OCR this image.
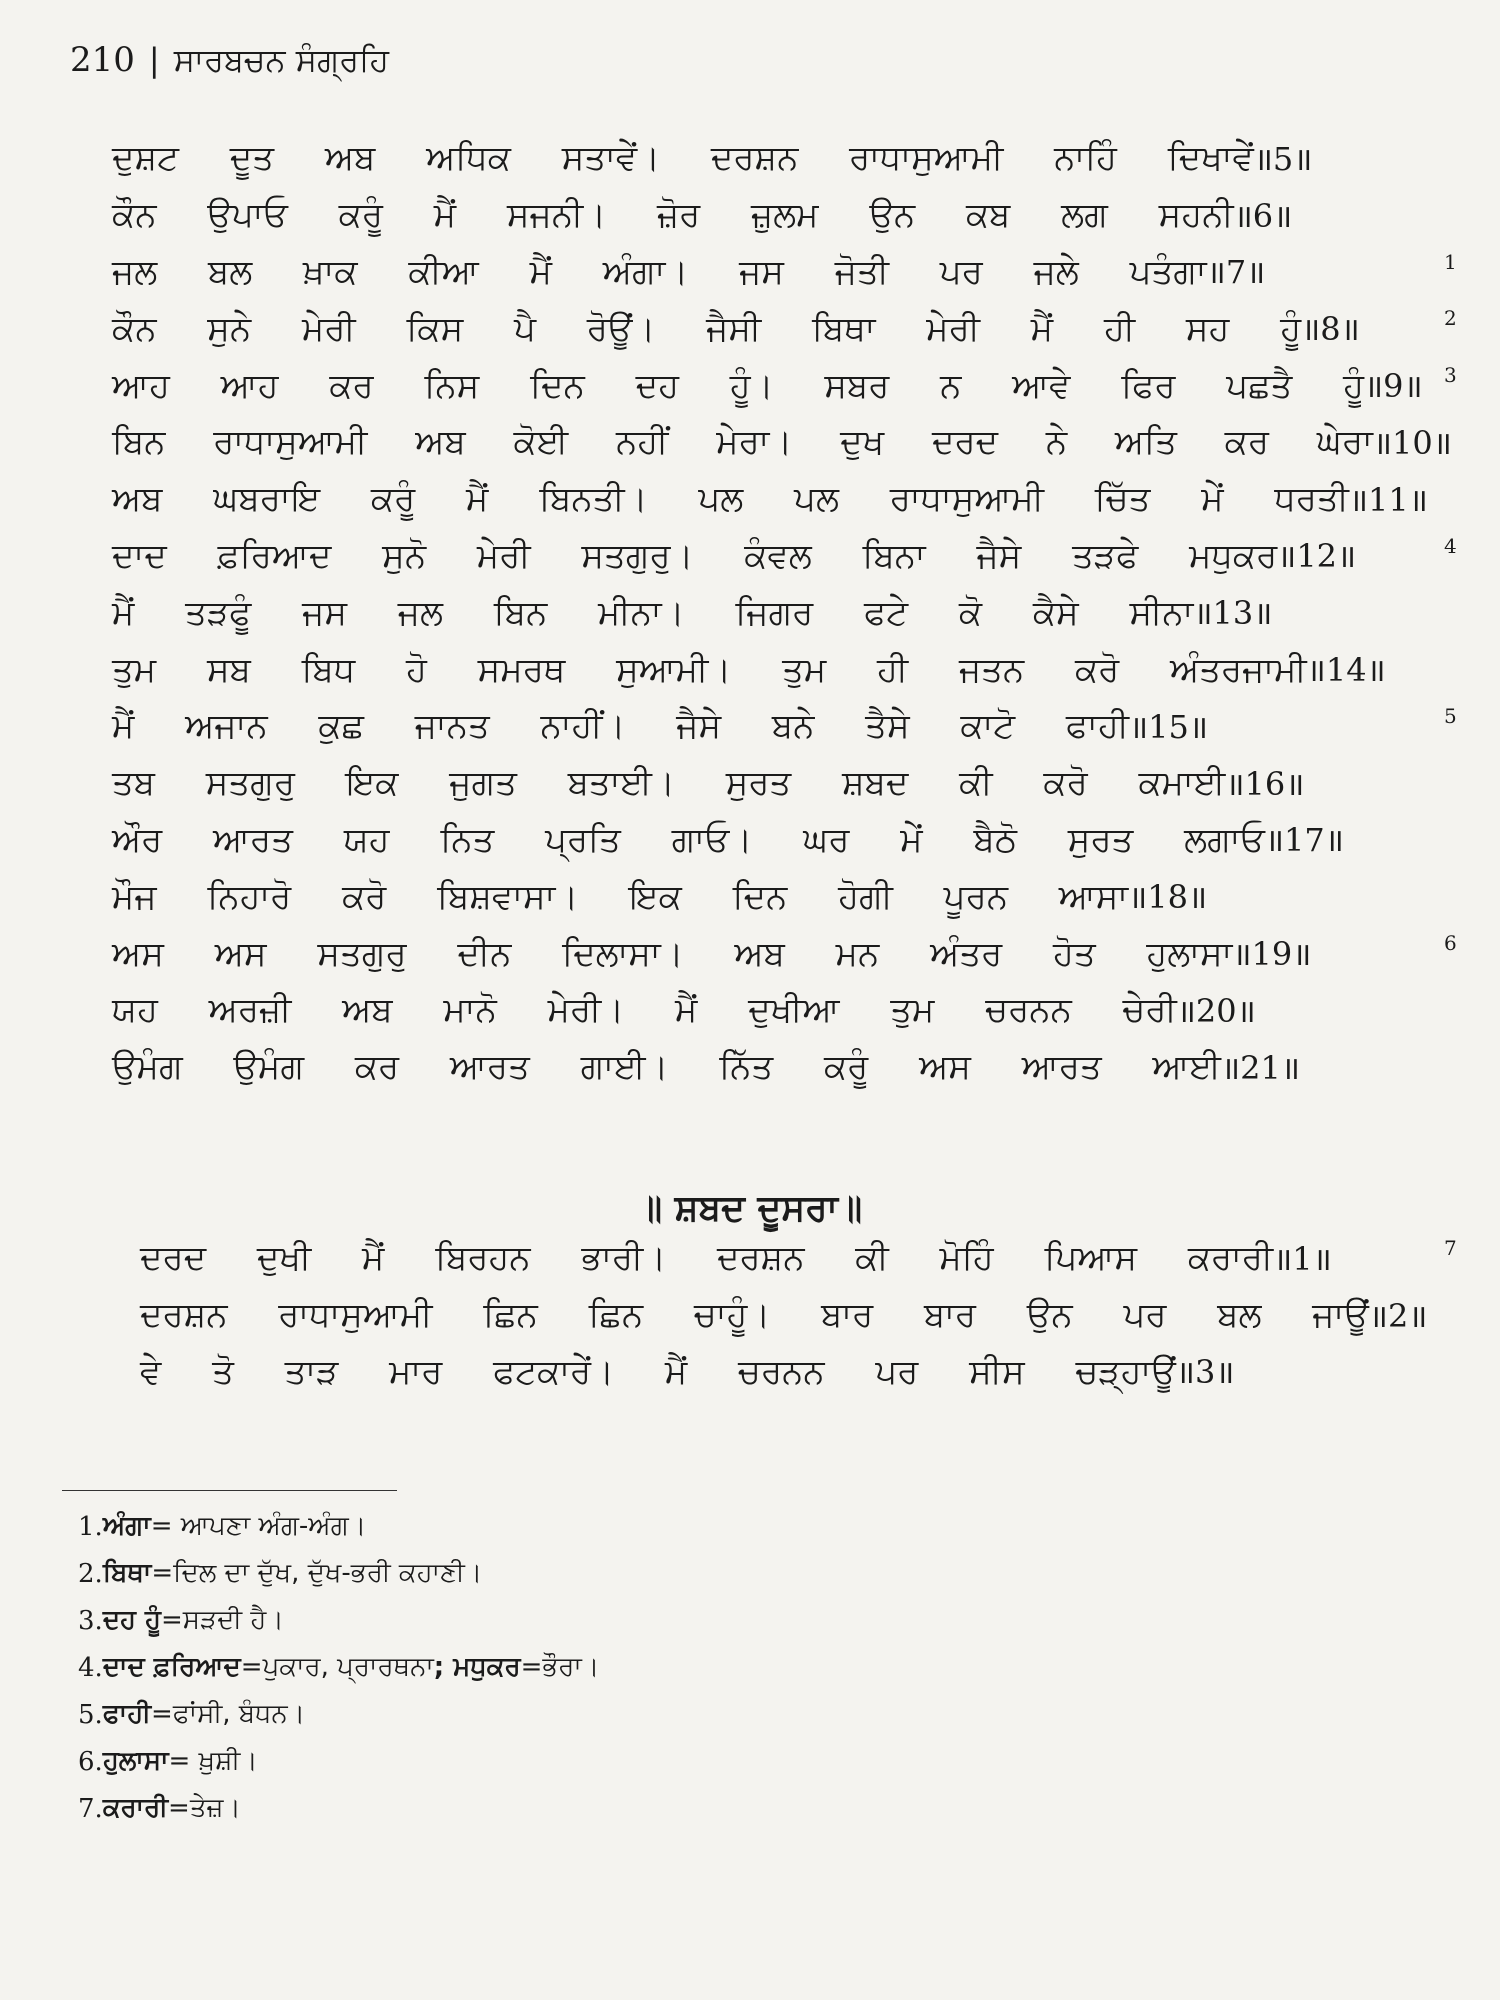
210 | ਸਾਰਬਚਨ ਸੰਗ੍ਰਹਿ
ਦੁਸ਼ਟ ਦੂਤ ਅਬ ਅਧਿਕ ਸਤਾਵੇਂ। ਦਰਸ਼ਨ ਰਾਧਾਸੁਆਮੀ ਨਾਹਿੰ ਦਿਖਾਵੇਂ ॥5॥
ਕੌਨ ਉਪਾਓ ਕਰੂੰ ਮੈਂ ਸਜਨੀ। ਜ਼ੋਰ ਜ਼ੁਲਮ ਉਨ ਕਬ ਲਗ ਸਹਨੀ ॥6॥
ਜਲ ਬਲ ਖ਼ਾਕ ਕੀਆ ਮੈਂ ਅੰਗਾ। ਜਸ ਜੋਤੀ ਪਰ ਜਲੇ ਪਤੰਗਾ ॥7॥	$^1$
ਕੌਨ ਸੁਨੇ ਮੇਰੀ ਕਿਸ ਪੈ ਰੋਊਂ। ਜੈਸੀ ਬਿਥਾ ਮੇਰੀ ਮੈਂ ਹੀ ਸਹ ਹੂੰ ॥8॥	$^2$
ਆਹ ਆਹ ਕਰ ਨਿਸ ਦਿਨ ਦਹ ਹੂੰ। ਸਬਰ ਨ ਆਵੇ ਫਿਰ ਪਛਤੈ ਹੂੰ ॥9॥ $^3$
ਬਿਨ ਰਾਧਾਸੁਆਮੀ ਅਬ ਕੋਈ ਨਹੀਂ ਮੇਰਾ। ਦੁਖ ਦਰਦ ਨੇ ਅਤਿ ਕਰ ਘੇਰਾ ॥10॥
ਅਬ ਘਬਰਾਇ ਕਰੂੰ ਮੈਂ ਬਿਨਤੀ। ਪਲ ਪਲ ਰਾਧਾਸੁਆਮੀ ਚਿੱਤ ਮੇਂ ਧਰਤੀ ॥11॥
ਦਾਦ ਫ਼ਰਿਆਦ ਸੁਨੋ ਮੇਰੀ ਸਤਗੁਰੁ। ਕੰਵਲ ਬਿਨਾ ਜੈਸੇ ਤੜਫੇ ਮਧੁਕਰ ॥12॥	$^4$
ਮੈਂ ਤੜਫੂੰ ਜਸ ਜਲ ਬਿਨ ਮੀਨਾ। ਜਿਗਰ ਫਟੇ ਕੋ ਕੈਸੇ ਸੀਨਾ ॥13॥
ਤੁਮ ਸਬ ਬਿਧ ਹੋ ਸਮਰਥ ਸੁਆਮੀ। ਤੁਮ ਹੀ ਜਤਨ ਕਰੋ ਅੰਤਰਜਾਮੀ ॥14॥
ਮੈਂ ਅਜਾਨ ਕੁਛ ਜਾਨਤ ਨਾਹੀਂ। ਜੈਸੇ ਬਨੇ ਤੈਸੇ ਕਾਟੋ ਫਾਹੀ ॥15॥	$^5$
ਤਬ ਸਤਗੁਰੁ ਇਕ ਜੁਗਤ ਬਤਾਈ। ਸੁਰਤ ਸ਼ਬਦ ਕੀ ਕਰੋ ਕਮਾਈ ॥16॥
ਔਰ ਆਰਤ ਯਹ ਨਿਤ ਪ੍ਰਤਿ ਗਾਓ। ਘਰ ਮੇਂ ਬੈਠੋ ਸੁਰਤ ਲਗਾਓ ॥17॥
ਮੌਜ ਨਿਹਾਰੋ ਕਰੋ ਬਿਸ਼ਵਾਸਾ। ਇਕ ਦਿਨ ਹੋਗੀ ਪੂਰਨ ਆਸਾ ॥18॥
ਅਸ ਅਸ ਸਤਗੁਰੁ ਦੀਨ ਦਿਲਾਸਾ। ਅਬ ਮਨ ਅੰਤਰ ਹੋਤ ਹੁਲਾਸਾ ॥19॥	$^6$
ਯਹ ਅਰਜ਼ੀ ਅਬ ਮਾਨੋ ਮੇਰੀ। ਮੈਂ ਦੁਖੀਆ ਤੁਮ ਚਰਨਨ ਚੇਰੀ ॥20॥
ਉਮੰਗ ਉਮੰਗ ਕਰ ਆਰਤ ਗਾਈ। ਨਿੱਤ ਕਰੂੰ ਅਸ ਆਰਤ ਆਈ ॥21॥
॥ ਸ਼ਬਦ ਦੂਸਰਾ॥
ਦਰਦ ਦੁਖੀ ਮੈਂ ਬਿਰਹਨ ਭਾਰੀ। ਦਰਸ਼ਨ ਕੀ ਮੋਹਿੰ ਪਿਆਸ ਕਰਾਰੀ ॥1॥	$^7$
ਦਰਸ਼ਨ ਰਾਧਾਸੁਆਮੀ ਛਿਨ ਛਿਨ ਚਾਹੂੰ। ਬਾਰ ਬਾਰ ਉਨ ਪਰ ਬਲ ਜਾਊਂ ॥2॥
ਵੇ ਤੋ ਤਾੜ ਮਾਰ ਫਟਕਾਰੇਂ। ਮੈਂ ਚਰਨਨ ਪਰ ਸੀਸ ਚੜ੍ਹਾਊਂ ॥3॥
1. ਅੰਗਾ = ਆਪਣਾ ਅੰਗ-ਅੰਗ।
2. ਬਿਥਾ =ਦਿਲ ਦਾ ਦੁੱਖ, ਦੁੱਖ-ਭਰੀ ਕਹਾਣੀ।
3. ਦਹ ਹੂੰ =ਸੜਦੀ ਹੈ।
4. ਦਾਦ ਫ਼ਰਿਆਦ =ਪੁਕਾਰ, ਪ੍ਰਾਰਥਨਾ ; ਮਧੁਕਰ =ਭੌਰਾ।
5. ਫਾਹੀ =ਫਾਂਸੀ, ਬੰਧਨ।
6. ਹੁਲਾਸਾ = ਖ਼ੁਸ਼ੀ।
7. ਕਰਾਰੀ =ਤੇਜ਼।
